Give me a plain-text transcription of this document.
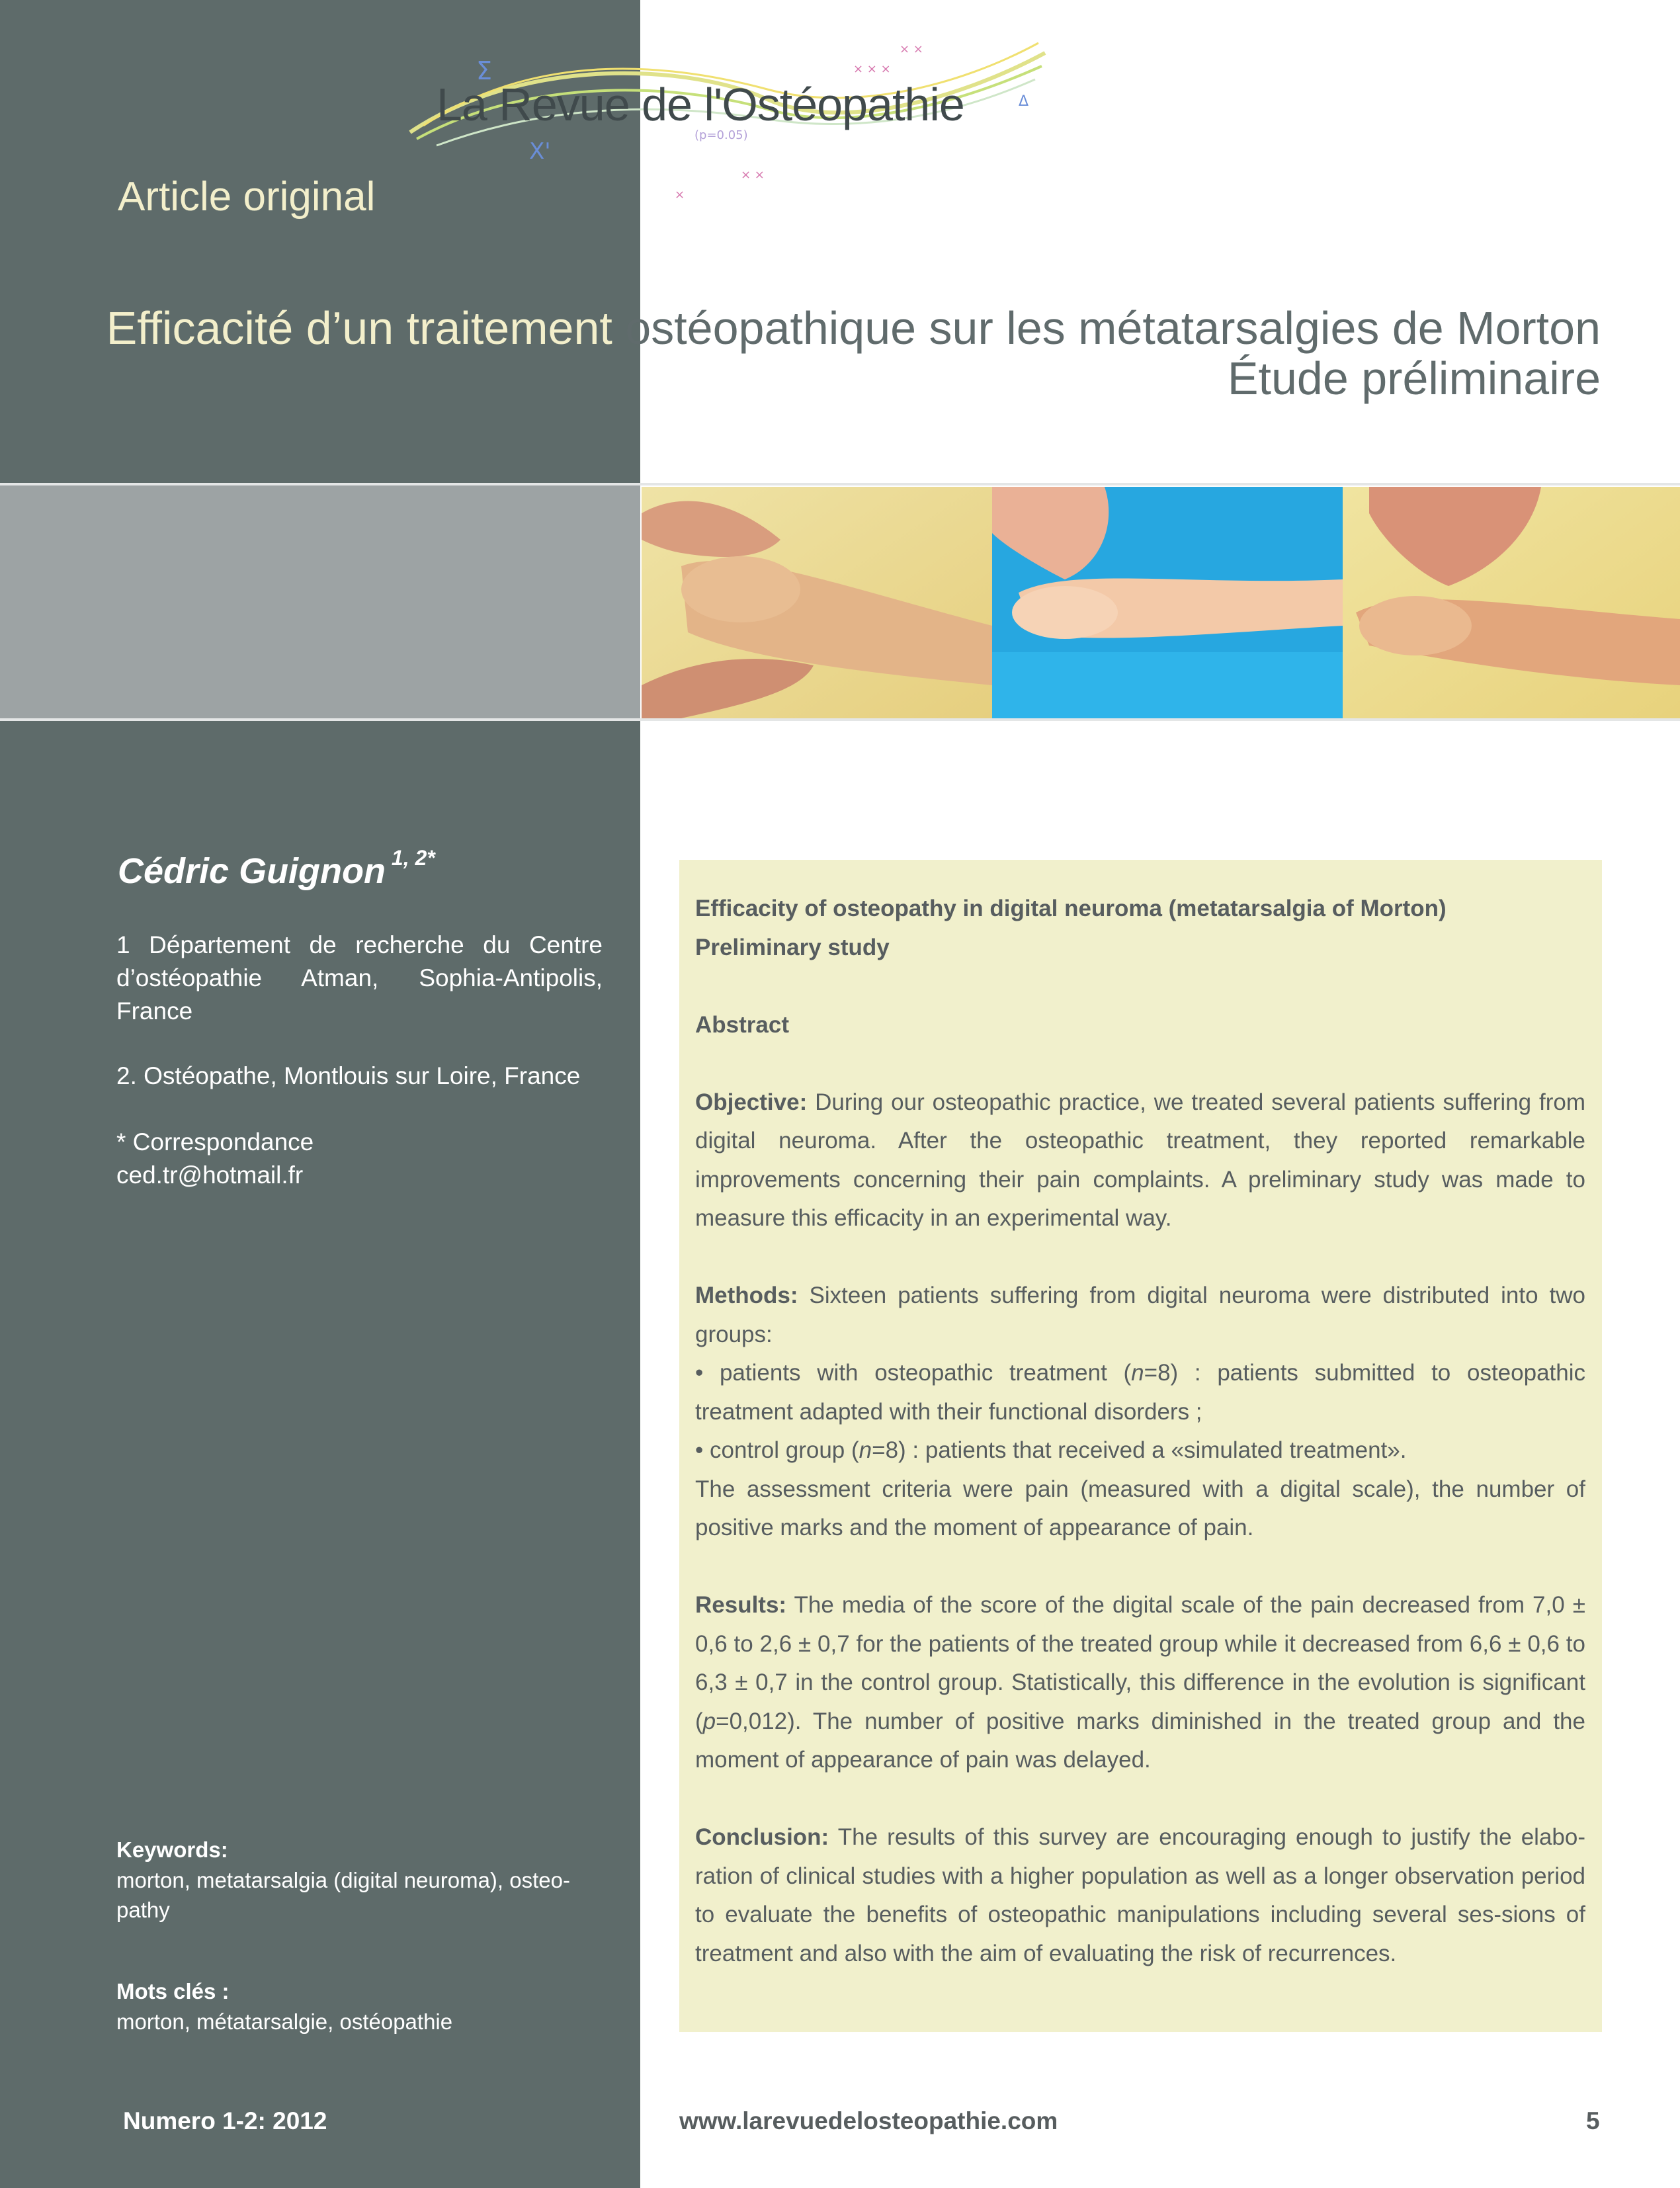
Σ
X'
(p=0.05)
× × ×
× ×
× ×
×
Δ
La Revue de l'Ostéopathie
Article original
Efficacité d’un traitement ostéopathique sur les métatarsalgies de Morton
Étude préliminaire
Cédric Guignon $^{1, 2*}$
1 Département de recherche du Centre d’ostéopathie Atman, Sophia-Antipolis, France
2. Ostéopathe, Montlouis sur Loire, France
* Correspondance
ced.tr@hotmail.fr
Keywords:
morton, metatarsalgia (digital neuroma), osteo-pathy
Mots clés :
morton, métatarsalgie, ostéopathie

Efficacity of osteopathy in digital neuroma (metatarsalgia of Morton)

Preliminary study

Abstract

Objective: During our osteopathic practice, we treated several patients suffering from digital neuroma. After the osteopathic treatment, they reported remarkable improvements concerning their pain complaints. A preliminary study was made to measure this efficacity in an experimental way.

Methods: Sixteen patients suffering from digital neuroma were distributed into two groups:

• patients with osteopathic treatment (n=8) : patients submitted to osteopathic treatment adapted with their functional disorders ;

• control group (n=8) : patients that received a «simulated treatment».

The assessment criteria were pain (measured with a digital scale), the number of positive marks and the moment of appearance of pain.

Results: The media of the score of the digital scale of the pain decreased from 7,0 ± 0,6 to 2,6 ± 0,7 for the patients of the treated group while it decreased from 6,6 ± 0,6 to 6,3 ± 0,7 in the control group. Statistically, this difference in the evolution is significant (p=0,012). The number of positive marks diminished in the treated group and the moment of appearance of pain was delayed.

Conclusion: The results of this survey are encouraging enough to justify the elabo-ration of clinical studies with a higher population as well as a longer observation period to evaluate the benefits of osteopathic manipulations including several ses-sions of treatment and also with the aim of evaluating the risk of recurrences.

Numero 1-2: 2012	www.larevuedelosteopathie.com	5
